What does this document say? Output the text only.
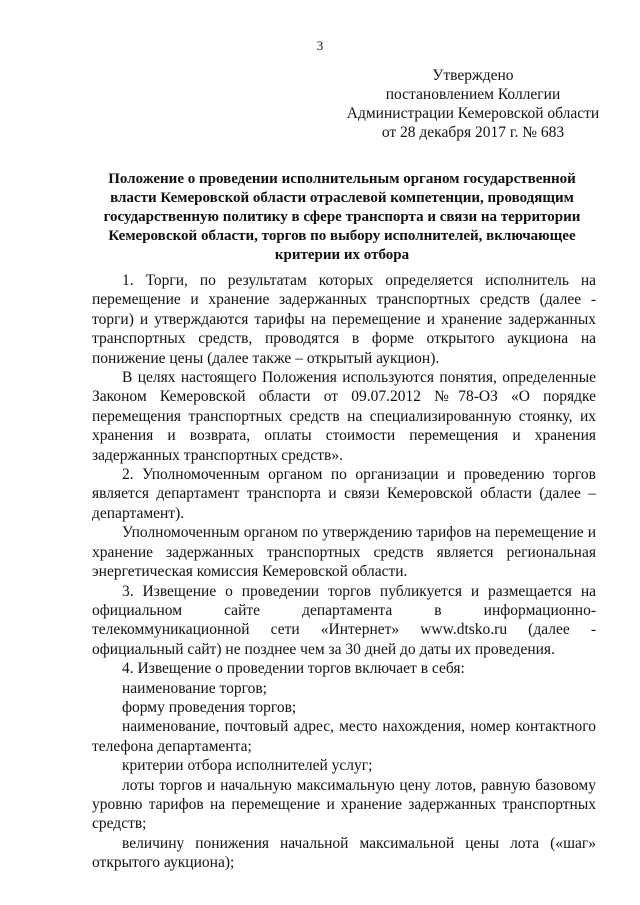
3
Утверждено
постановлением Коллегии
Администрации Кемеровской области
от 28 декабря 2017 г. № 683
Положение о проведении исполнительным органом государственной
власти Кемеровской области отраслевой компетенции, проводящим
государственную политику в сфере транспорта и связи на территории
Кемеровской области, торгов по выбору исполнителей, включающее
критерии их отбора

1. Торги, по результатам которых определяется исполнитель на перемещение и хранение задержанных транспортных средств (далее - торги) и утверждаются тарифы на перемещение и хранение задержанных транспортных средств, проводятся в форме открытого аукциона на понижение цены (далее также – открытый аукцион).

В целях настоящего Положения используются понятия, определенные Законом Кемеровской области от 09.07.2012 №78-ОЗ «О порядке перемещения транспортных средств на специализированную стоянку, их хранения и возврата, оплаты стоимости перемещения и хранения задержанных транспортных средств».

2. Уполномоченным органом по организации и проведению торгов является департамент транспорта и связи Кемеровской области (далее – департамент).

Уполномоченным органом по утверждению тарифов на перемещение и хранение задержанных транспортных средств является региональная энергетическая комиссия Кемеровской области.

3. Извещение о проведении торгов публикуется и размещается на официальном сайте департамента в информационно-телекоммуникационной сети «Интернет» www.dtsko.ru (далее - официальный сайт) не позднее чем за 30 дней до даты их проведения.

4. Извещение о проведении торгов включает в себя:

наименование торгов;

форму проведения торгов;

наименование, почтовый адрес, место нахождения, номер контактного телефона департамента;

критерии отбора исполнителей услуг;

лоты торгов и начальную максимальную цену лотов, равную базовому уровню тарифов на перемещение и хранение задержанных транспортных средств;

величину понижения начальной максимальной цены лота («шаг» открытого аукциона);
